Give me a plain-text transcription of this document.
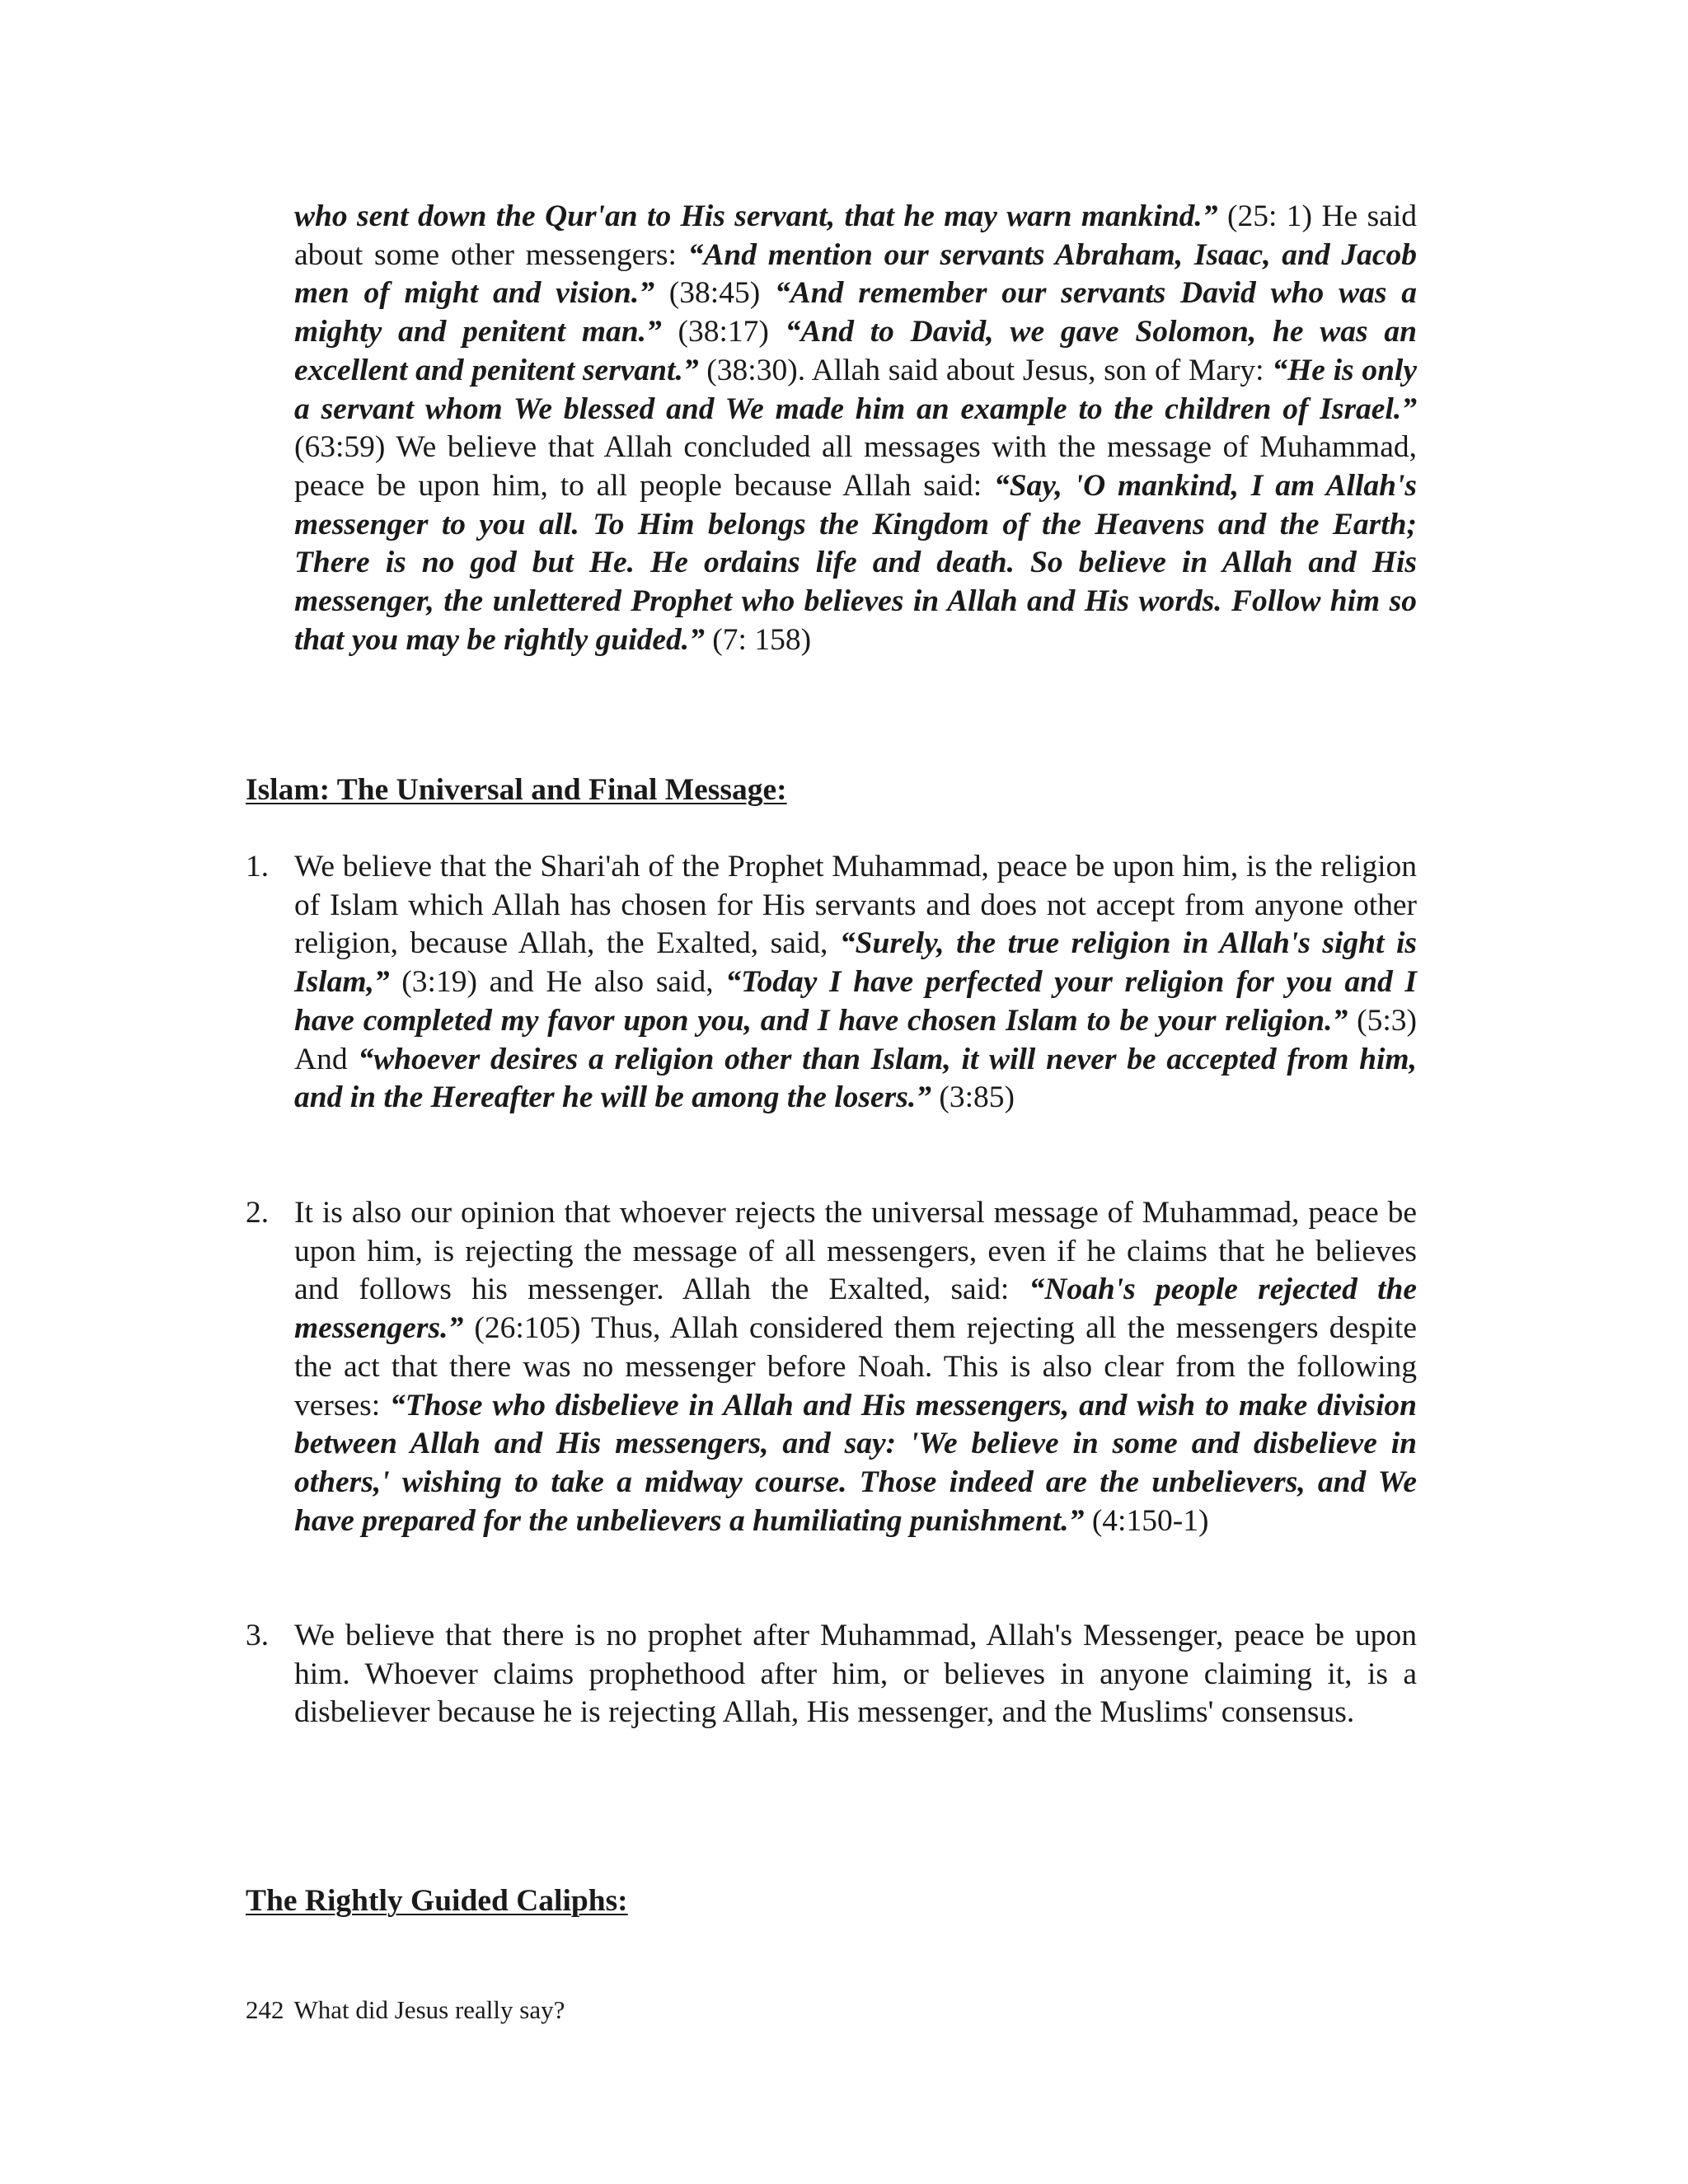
who sent down the Qur'an to His servant, that he may warn mankind.” (25: 1) He said about some other messengers: “And mention our servants Abraham, Isaac, and Jacob men of might and vision.” (38:45) “And remember our servants David who was a mighty and penitent man.” (38:17) “And to David, we gave Solomon, he was an excellent and penitent servant.” (38:30). Allah said about Jesus, son of Mary: “He is only a servant whom We blessed and We made him an example to the children of Israel.” (63:59) We believe that Allah concluded all messages with the message of Muhammad, peace be upon him, to all people because Allah said: “Say, 'O mankind, I am Allah's messenger to you all. To Him belongs the Kingdom of the Heavens and the Earth; There is no god but He. He ordains life and death. So believe in Allah and His messenger, the unlettered Prophet who believes in Allah and His words. Follow him so that you may be rightly guided.” (7: 158)

Islam: The Universal and Final Message:
1. We believe that the Shari'ah of the Prophet Muhammad, peace be upon him, is the religion of Islam which Allah has chosen for His servants and does not accept from anyone other religion, because Allah, the Exalted, said, “Surely, the true religion in Allah's sight is Islam,” (3:19) and He also said, “Today I have perfected your religion for you and I have completed my favor upon you, and I have chosen Islam to be your religion.” (5:3) And “whoever desires a religion other than Islam, it will never be accepted from him, and in the Hereafter he will be among the losers.” (3:85)

2. It is also our opinion that whoever rejects the universal message of Muhammad, peace be upon him, is rejecting the message of all messengers, even if he claims that he believes and follows his messenger. Allah the Exalted, said: “Noah's people rejected the messengers.” (26:105) Thus, Allah considered them rejecting all the messengers despite the act that there was no messenger before Noah. This is also clear from the following verses: “Those who disbelieve in Allah and His messengers, and wish to make division between Allah and His messengers, and say: 'We believe in some and disbelieve in others,' wishing to take a midway course. Those indeed are the unbelievers, and We have prepared for the unbelievers a humiliating punishment.” (4:150-1)

3. We believe that there is no prophet after Muhammad, Allah's Messenger, peace be upon him. Whoever claims prophethood after him, or believes in anyone claiming it, is a disbeliever because he is rejecting Allah, His messenger, and the Muslims' consensus.

The Rightly Guided Caliphs:

242 What did Jesus really say?
